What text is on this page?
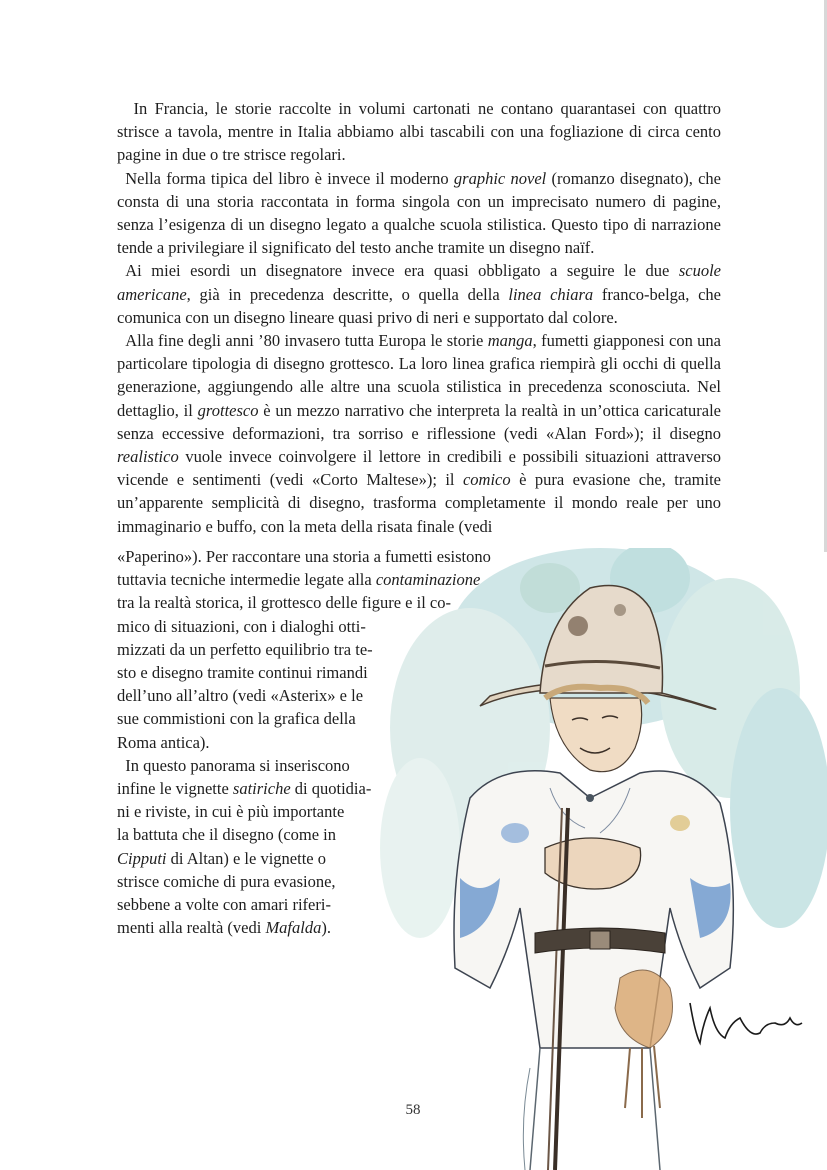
 In Francia, le storie raccolte in volumi cartonati ne contano quarantasei con quattro strisce a tavola, mentre in Italia abbiamo albi tascabili con una fogliazione di circa cento pagine in due o tre strisce regolari.

 Nella forma tipica del libro è invece il moderno graphic novel (romanzo disegnato), che consta di una storia raccontata in forma singola con un imprecisato numero di pagine, senza l’esigenza di un disegno legato a qualche scuola stilistica. Questo tipo di narrazione tende a privilegiare il significato del testo anche tramite un disegno naïf.

 Ai miei esordi un disegnatore invece era quasi obbligato a seguire le due scuole americane, già in precedenza descritte, o quella della linea chiara franco-belga, che comunica con un disegno lineare quasi privo di neri e supportato dal colore.

 Alla fine degli anni ’80 invasero tutta Europa le storie manga, fumetti giapponesi con una particolare tipologia di disegno grottesco. La loro linea grafica riempirà gli occhi di quella generazione, aggiungendo alle altre una scuola stilistica in precedenza sconosciuta. Nel dettaglio, il grottesco è un mezzo narrativo che interpreta la realtà in un’ottica caricaturale senza eccessive deformazioni, tra sorriso e riflessione (vedi «Alan Ford»); il disegno realistico vuole invece coinvolgere il lettore in credibili e possibili situazioni attraverso vicende e sentimenti (vedi «Corto Maltese»); il comico è pura evasione che, tramite un’apparente semplicità di disegno, trasforma completamente il mondo reale per uno immaginario e buffo, con la meta della risata finale (vedi

«Paperino»). Per raccontare una storia a fumetti esistono
tuttavia tecniche intermedie legate alla contaminazione
tra la realtà storica, il grottesco delle figure e il co-
mico di situazioni, con i dialoghi otti-
mizzati da un perfetto equilibrio tra te-
sto e disegno tramite continui rimandi
dell’uno all’altro (vedi «Asterix» e le
sue commistioni con la grafica della
Roma antica).
 In questo panorama si inseriscono
infine le vignette satiriche di quotidia-
ni e riviste, in cui è più importante
la battuta che il disegno (come in
Cipputi di Altan) e le vignette o
strisce comiche di pura evasione,
sebbene a volte con amari riferi-
menti alla realtà (vedi Mafalda).
58
